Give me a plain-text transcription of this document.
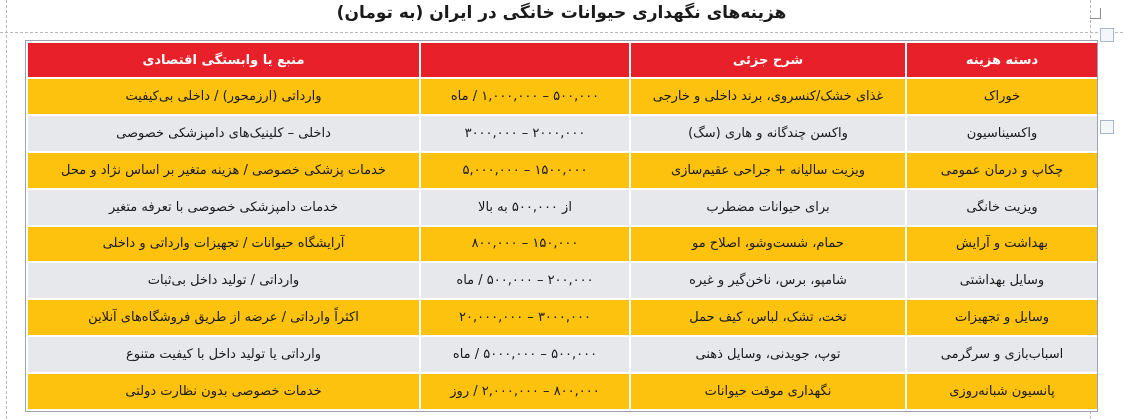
هزینه‌های نگهداری حیوانات خانگی در ایران (به تومان)
دسته هزینه	شرح جزئی		منبع یا وابستگی اقتصادی
خوراک	غذای خشک/کنسروی، برند داخلی و خارجی	۵۰۰,۰۰۰ – ۱,۰۰۰,۰۰۰ / ماه	وارداتی (ارزمحور) / داخلی بی‌کیفیت
واکسیناسیون	واکسن چندگانه و هاری (سگ)	۲۰۰۰,۰۰۰ – ۳۰۰۰,۰۰۰	داخلی – کلینیک‌های دامپزشکی خصوصی
چکاپ و درمان عمومی	ویزیت سالیانه + جراحی عقیم‌سازی	۱۵۰۰,۰۰۰ – ۵,۰۰۰,۰۰۰	خدمات پزشکی خصوصی / هزینه متغیر بر اساس نژاد و محل
ویزیت خانگی	برای حیوانات مضطرب	از ۵۰۰,۰۰۰ به بالا	خدمات دامپزشکی خصوصی با تعرفه متغیر
بهداشت و آرایش	حمام، شست‌وشو، اصلاح مو	۱۵۰,۰۰۰ – ۸۰۰,۰۰۰	آرایشگاه حیوانات / تجهیزات وارداتی و داخلی
وسایل بهداشتی	شامپو، برس، ناخن‌گیر و غیره	۲۰۰,۰۰۰ – ۵۰۰,۰۰۰ / ماه	وارداتی / تولید داخل بی‌ثبات
وسایل و تجهیزات	تخت، تشک، لباس، کیف حمل	۳۰۰۰,۰۰۰ – ۲۰,۰۰۰,۰۰۰	اکثراً وارداتی / عرضه از طریق فروشگاه‌های آنلاین
اسباب‌بازی و سرگرمی	توپ، جویدنی، وسایل ذهنی	۵۰۰,۰۰۰ – ۵۰۰۰,۰۰۰ / ماه	وارداتی یا تولید داخل با کیفیت متنوع
پانسیون شبانه‌روزی	نگهداری موقت حیوانات	۸۰۰,۰۰۰ – ۲,۰۰۰,۰۰۰ / روز	خدمات خصوصی بدون نظارت دولتی
